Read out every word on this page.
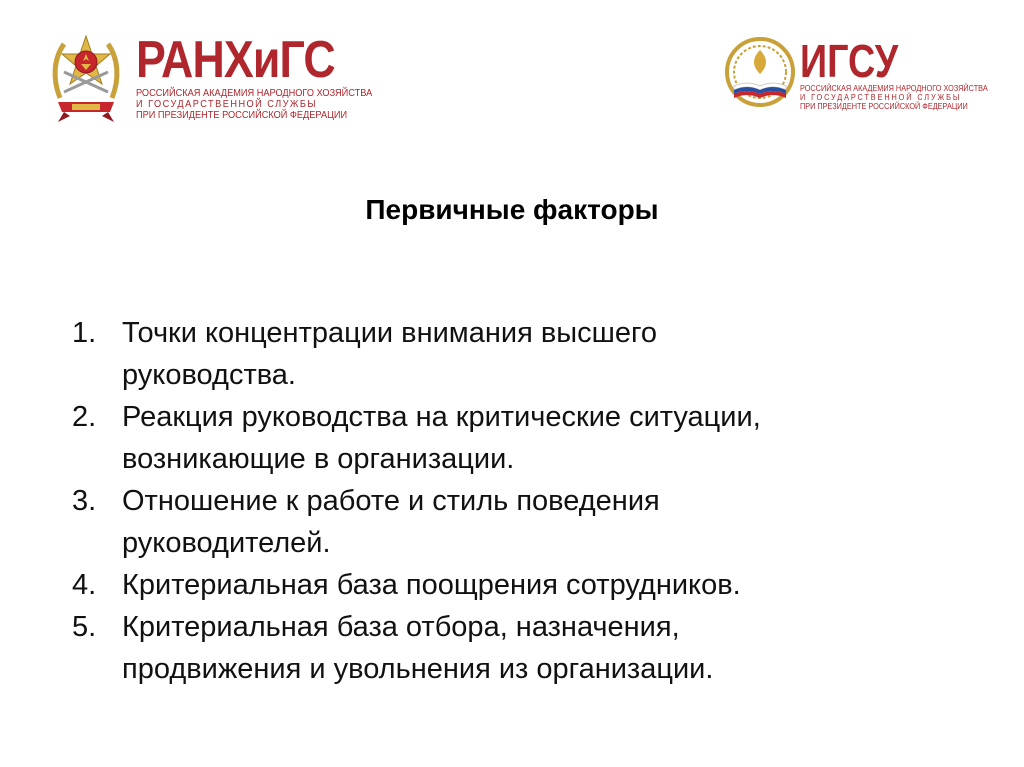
РАНХиГС
РОССИЙСКАЯ АКАДЕМИЯ НАРОДНОГО ХОЗЯЙСТВА
И ГОСУДАРСТВЕННОЙ СЛУЖБЫ
ПРИ ПРЕЗИДЕНТЕ РОССИЙСКОЙ ФЕДЕРАЦИИ
ИГСУ
РОССИЙСКАЯ АКАДЕМИЯ НАРОДНОГО ХОЗЯЙСТВА
И ГОСУДАРСТВЕННОЙ СЛУЖБЫ
ПРИ ПРЕЗИДЕНТЕ РОССИЙСКОЙ ФЕДЕРАЦИИ
Первичные факторы
1. Точки концентрации внимания высшего
руководства.
2. Реакция руководства на критические ситуации,
возникающие в организации.
3. Отношение к работе и стиль поведения
руководителей.
4. Критериальная база поощрения сотрудников.
5. Критериальная база отбора, назначения,
продвижения и увольнения из организации.
